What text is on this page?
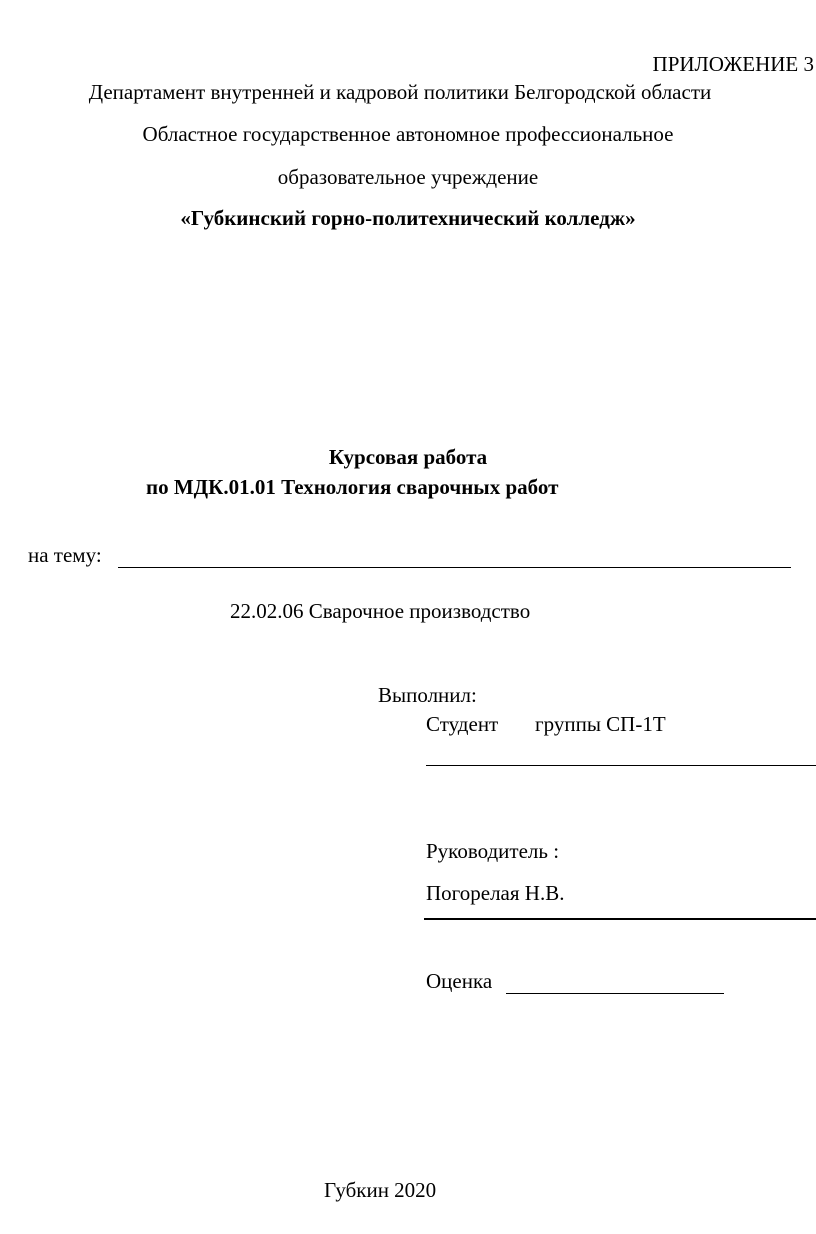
ПРИЛОЖЕНИЕ 3
Департамент внутренней и кадровой политики Белгородской области
Областное государственное автономное профессиональное
образовательное учреждение
«Губкинский горно-политехнический колледж»
Курсовая работа
по МДК.01.01 Технология сварочных работ
на тему:
22.02.06 Сварочное производство
Выполнил:
Студент группы СП-1Т
Руководитель :
Погорелая Н.В.
Оценка
Губкин 2020
